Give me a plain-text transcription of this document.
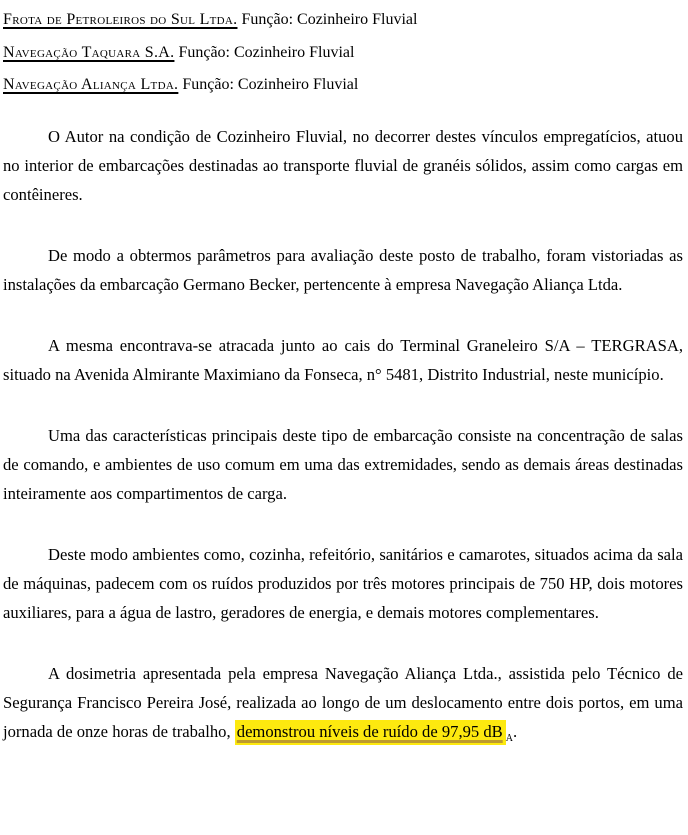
Frota de Petroleiros do Sul Ltda. Função: Cozinheiro Fluvial

Navegação Taquara S.A. Função: Cozinheiro Fluvial

Navegação Aliança Ltda. Função: Cozinheiro Fluvial

O Autor na condição de Cozinheiro Fluvial, no decorrer destes vínculos empregatícios, atuou no interior de embarcações destinadas ao transporte fluvial de granéis sólidos, assim como cargas em contêineres.

De modo a obtermos parâmetros para avaliação deste posto de trabalho, foram vistoriadas as instalações da embarcação Germano Becker, pertencente à empresa Navegação Aliança Ltda.

A mesma encontrava-se atracada junto ao cais do Terminal Graneleiro S/A – TERGRASA, situado na Avenida Almirante Maximiano da Fonseca, n° 5481, Distrito Industrial, neste município.

Uma das características principais deste tipo de embarcação consiste na concentração de salas de comando, e ambientes de uso comum em uma das extremidades, sendo as demais áreas destinadas inteiramente aos compartimentos de carga.

Deste modo ambientes como, cozinha, refeitório, sanitários e camarotes, situados acima da sala de máquinas, padecem com os ruídos produzidos por três motores principais de 750 HP, dois motores auxiliares, para a água de lastro, geradores de energia, e demais motores complementares.

A dosimetria apresentada pela empresa Navegação Aliança Ltda., assistida pelo Técnico de Segurança Francisco Pereira José, realizada ao longo de um deslocamento entre dois portos, em uma jornada de onze horas de trabalho, demonstrou níveis de ruído de 97,95 dB $_A$.
